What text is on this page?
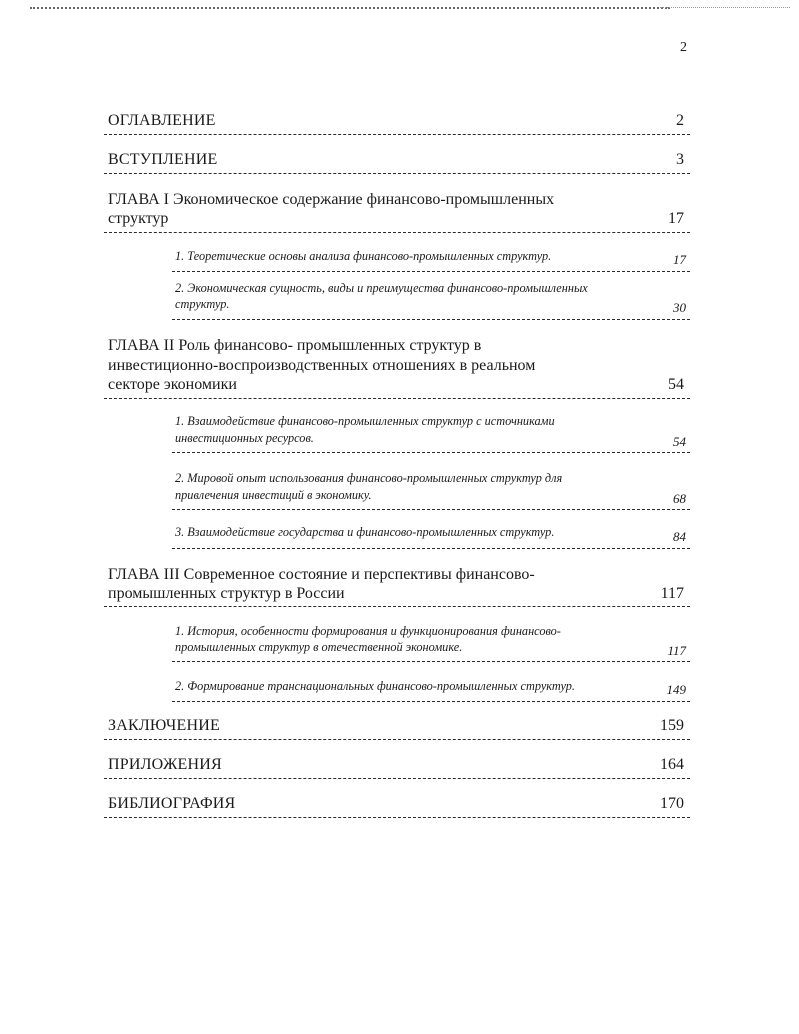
2
ОГЛАВЛЕНИЕ	2
ВСТУПЛЕНИЕ	3
ГЛАВА I Экономическое содержание финансово-промышленных
структур	17
1. Теоретические основы анализа финансово-промышленных структур.	17
2. Экономическая сущность, виды и преимущества финансово-промышленных
структур.	30
ГЛАВА II Роль финансово- промышленных структур в
инвестиционно-воспроизводственных отношениях в реальном
секторе экономики	54
1. Взаимодействие финансово-промышленных структур с источниками
инвестиционных ресурсов.	54
2. Мировой опыт использования финансово-промышленных структур для
привлечения инвестиций в экономику.	68
3. Взаимодействие государства и финансово-промышленных структур.	84
ГЛАВА III Современное состояние и перспективы финансово-
промышленных структур в России	117
1. История, особенности формирования и функционирования финансово-
промышленных структур в отечественной экономике.	117
2. Формирование транснациональных финансово-промышленных структур.	149
ЗАКЛЮЧЕНИЕ	159
ПРИЛОЖЕНИЯ	164
БИБЛИОГРАФИЯ	170
